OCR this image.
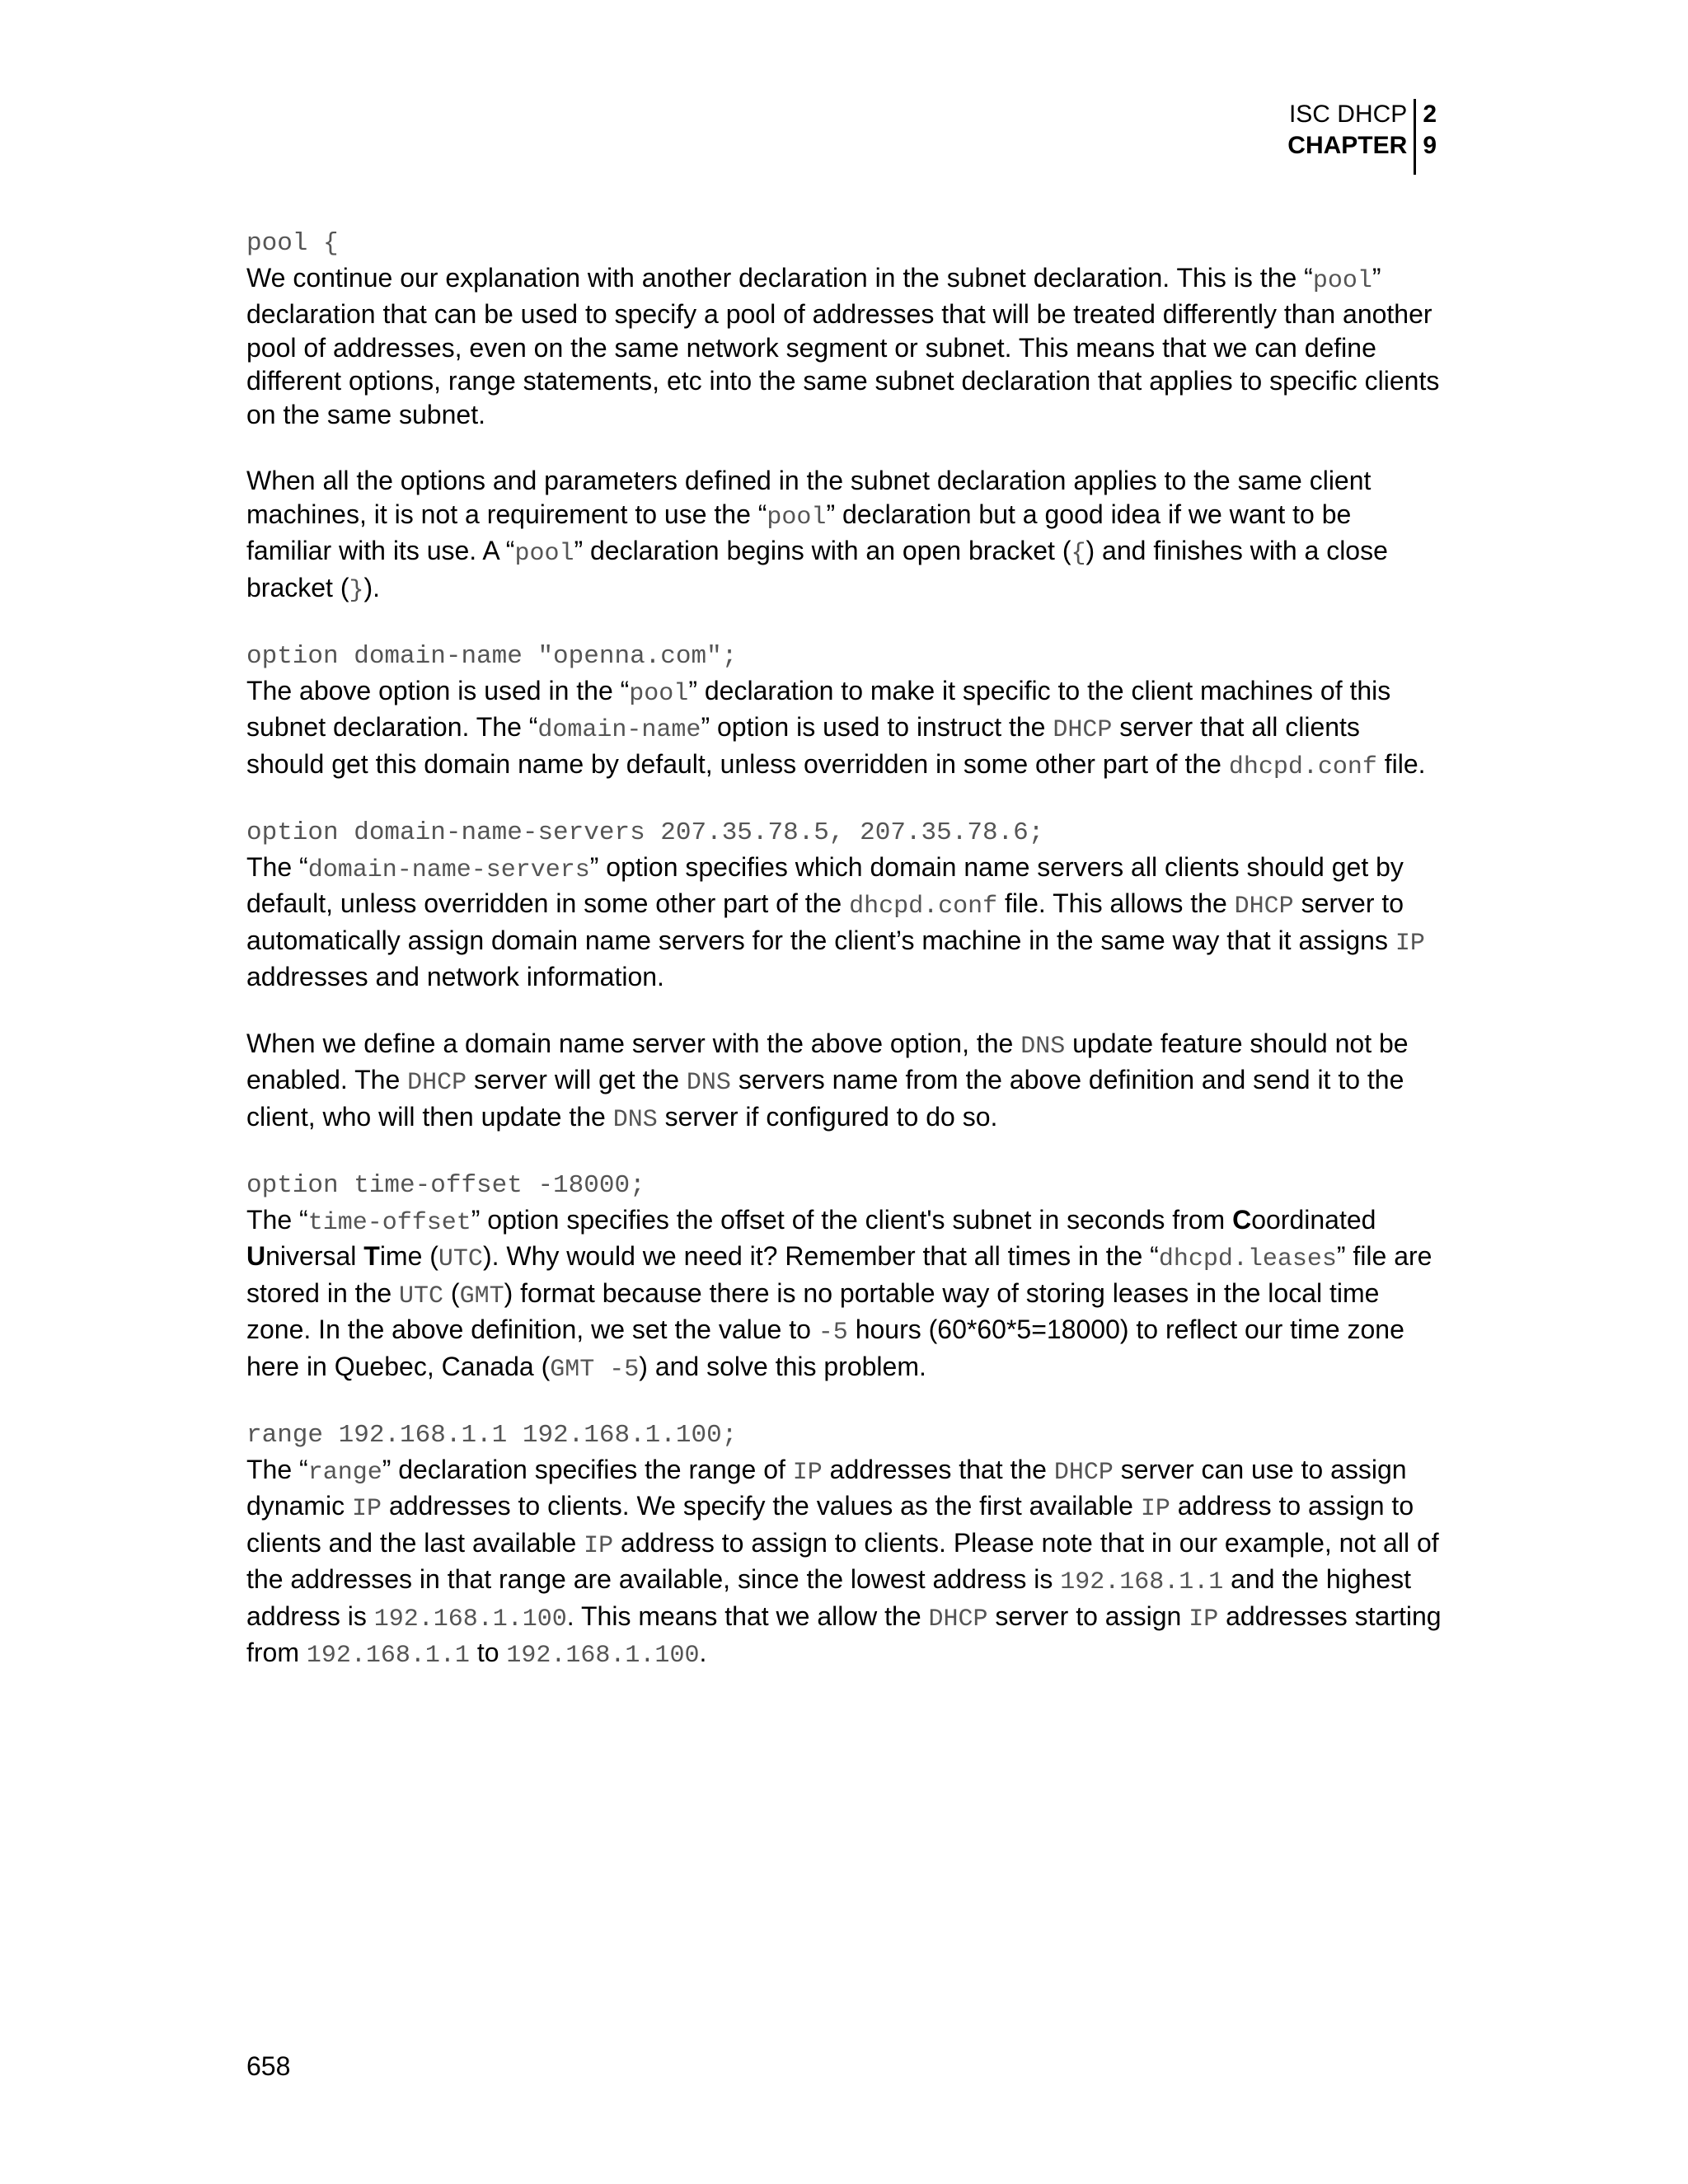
ISC DHCP
CHAPTER
2
9
pool {

We continue our explanation with another declaration in the subnet declaration. This is the “pool” declaration that can be used to specify a pool of addresses that will be treated differently than another pool of addresses, even on the same network segment or subnet. This means that we can define different options, range statements, etc into the same subnet declaration that applies to specific clients on the same subnet.

When all the options and parameters defined in the subnet declaration applies to the same client machines, it is not a requirement to use the “pool” declaration but a good idea if we want to be familiar with its use. A “pool” declaration begins with an open bracket ({) and finishes with a close bracket (}).

option domain-name "openna.com";

The above option is used in the “pool” declaration to make it specific to the client machines of this subnet declaration. The “domain-name” option is used to instruct the DHCP server that all clients should get this domain name by default, unless overridden in some other part of the dhcpd.conf file.

option domain-name-servers 207.35.78.5, 207.35.78.6;

The “domain-name-servers” option specifies which domain name servers all clients should get by default, unless overridden in some other part of the dhcpd.conf file. This allows the DHCP server to automatically assign domain name servers for the client’s machine in the same way that it assigns IP addresses and network information.

When we define a domain name server with the above option, the DNS update feature should not be enabled. The DHCP server will get the DNS servers name from the above definition and send it to the client, who will then update the DNS server if configured to do so.

option time-offset -18000;

The “time-offset” option specifies the offset of the client's subnet in seconds from Coordinated Universal Time (UTC). Why would we need it? Remember that all times in the “dhcpd.leases” file are stored in the UTC (GMT) format because there is no portable way of storing leases in the local time zone. In the above definition, we set the value to -5 hours (60*60*5=18000) to reflect our time zone here in Quebec, Canada (GMT -5) and solve this problem.

range 192.168.1.1 192.168.1.100;

The “range” declaration specifies the range of IP addresses that the DHCP server can use to assign dynamic IP addresses to clients. We specify the values as the first available IP address to assign to clients and the last available IP address to assign to clients. Please note that in our example, not all of the addresses in that range are available, since the lowest address is 192.168.1.1 and the highest address is 192.168.1.100. This means that we allow the DHCP server to assign IP addresses starting from 192.168.1.1 to 192.168.1.100.

658
